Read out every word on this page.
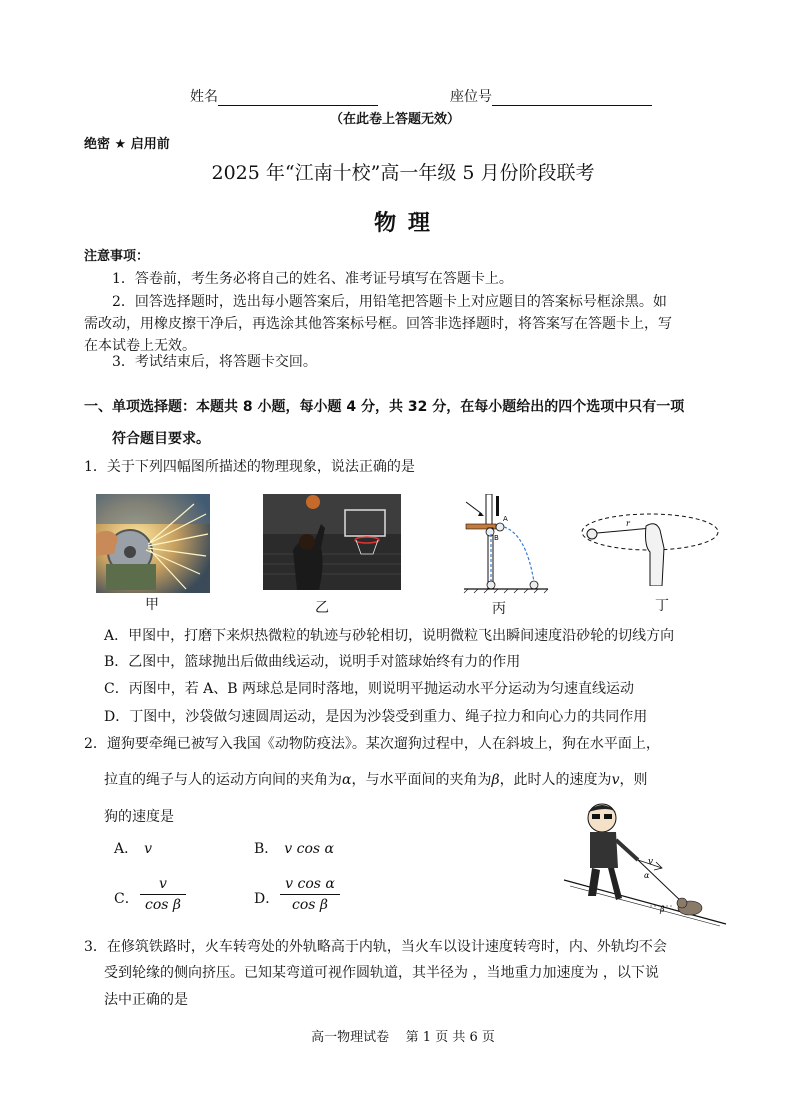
姓名	座位号
（在此卷上答题无效）
绝密 ★ 启用前
2025 年“江南十校”高一年级 5 月份阶段联考
物 理
注意事项：
1．答卷前，考生务必将自己的姓名、准考证号填写在答题卡上。
2．回答选择题时，选出每小题答案后，用铅笔把答题卡上对应题目的答案标号框涂黑。如
需改动，用橡皮擦干净后，再选涂其他答案标号框。回答非选择题时，将答案写在答题卡上，写
在本试卷上无效。
3．考试结束后，将答题卡交回。
一、单项选择题：本题共 8 小题，每小题 4 分，共 32 分，在每小题给出的四个选项中只有一项
符合题目要求。
1．关于下列四幅图所描述的物理现象，说法正确的是
甲	乙
A
B
丙
r
丁
A．甲图中，打磨下来炽热微粒的轨迹与砂轮相切，说明微粒飞出瞬间速度沿砂轮的切线方向
B．乙图中，篮球抛出后做曲线运动，说明手对篮球始终有力的作用
C．丙图中，若 A、B 两球总是同时落地，则说明平抛运动水平分运动为匀速直线运动
D．丁图中，沙袋做匀速圆周运动，是因为沙袋受到重力、绳子拉力和向心力的共同作用
2．遛狗要牵绳已被写入我国《动物防疫法》。某次遛狗过程中，人在斜坡上，狗在水平面上，
拉直的绳子与人的运动方向间的夹角为α，与水平面间的夹角为β，此时人的速度为v，则
狗的速度是
A． v	B． v cos α
C． $\frac{v}{\text{cos β}}$	D． $\frac{\text{v cos α}}{\text{cos β}}$
v
α
β
3．在修筑铁路时，火车转弯处的外轨略高于内轨，当火车以设计速度转弯时，内、外轨均不会
受到轮缘的侧向挤压。已知某弯道可视作圆轨道，其半径为 ，当地重力加速度为 ，以下说
法中正确的是
高一物理试卷    第 1 页 共 6 页
